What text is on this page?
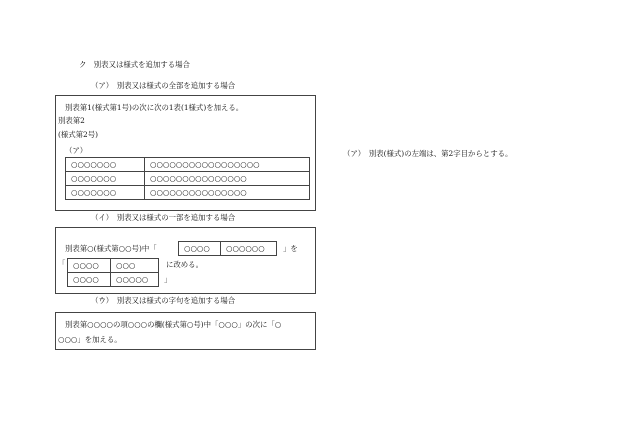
ク　別表又は様式を追加する場合
（ア）　別表又は様式の全部を追加する場合
別表第1(様式第1号)の次に次の1表(1様式)を加える。
別表第2
(様式第2号)
（ア）
○○○○○○○	○○○○○○○○○○○○○○○○○
○○○○○○○	○○○○○○○○○○○○○○○
○○○○○○○	○○○○○○○○○○○○○○○
（イ）　別表又は様式の一部を追加する場合
別表第○(様式第○○号)中「	○○○○	○○○○○○ 」を
「 ○○○○	○○○
○○○○	○○○○○
に改める。
」
（ウ）　別表又は様式の字句を追加する場合
別表第○○○○の項○○○の欄(様式第○号)中「○○○」の次に「○
○○○」を加える。
（ア）　別表(様式)の左端は、第2字目からとする。
